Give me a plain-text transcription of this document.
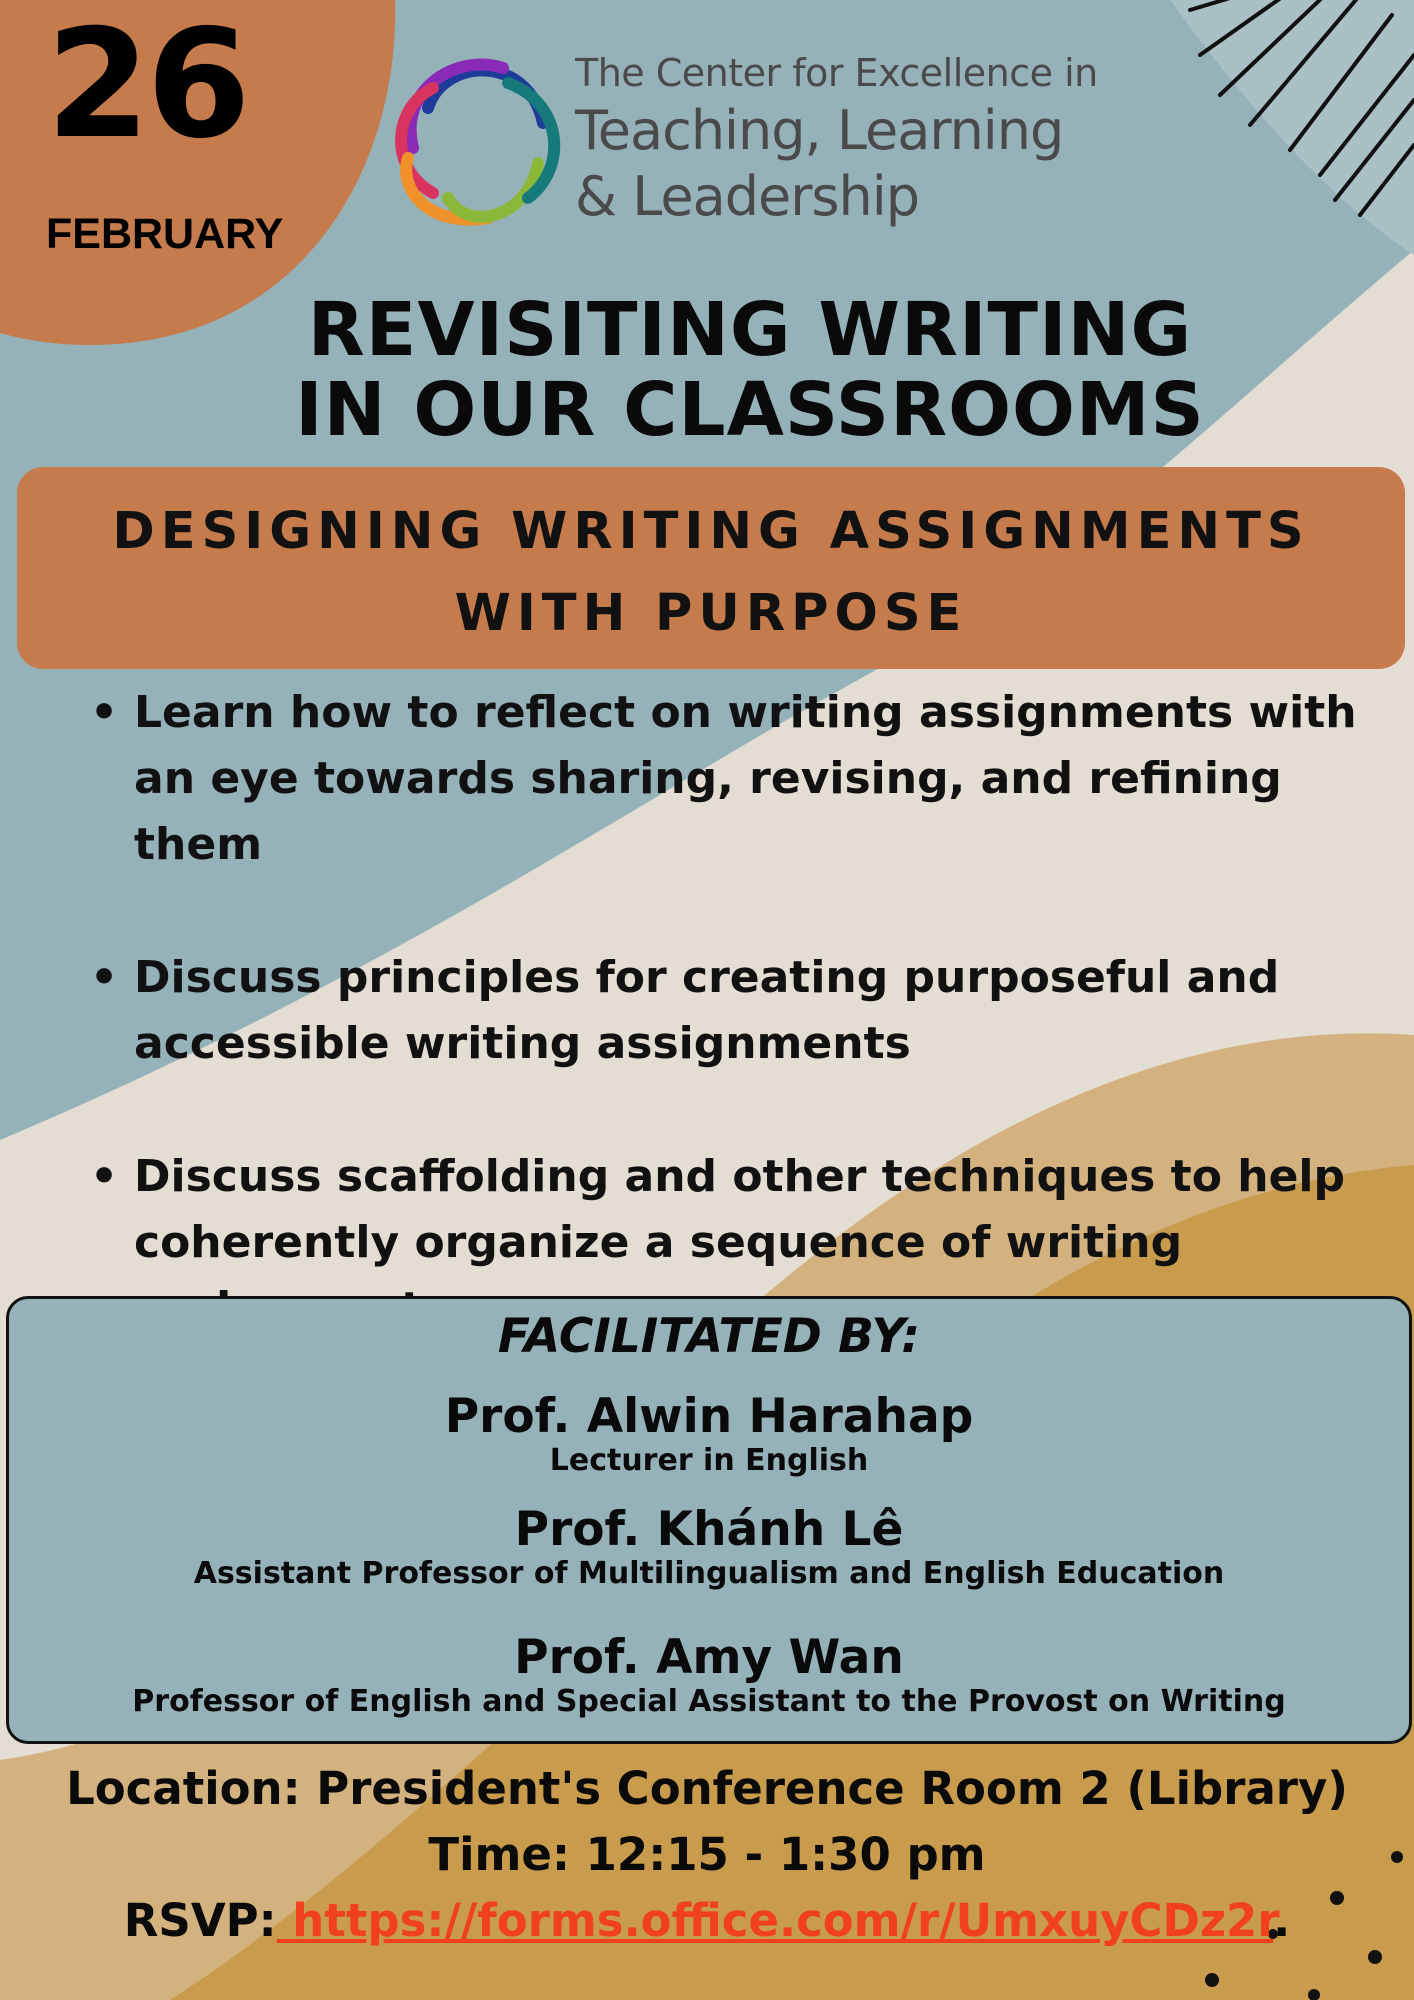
26
FEBRUARY
The Center for Excellence in
Teaching, Learning
& Leadership
REVISITING WRITING
IN OUR CLASSROOMS
DESIGNING WRITING ASSIGNMENTS
WITH PURPOSE
• Learn how to reflect on writing assignments with an eye towards sharing, revising, and refining them
• Discuss principles for creating purposeful and accessible writing assignments
• Discuss scaffolding and other techniques to help coherently organize a sequence of writing
FACILITATED BY:
Prof. Alwin Harahap
Lecturer in English
Prof. Khánh Lê
Assistant Professor of Multilingualism and English Education
Prof. Amy Wan
Professor of English and Special Assistant to the Provost on Writing
Location: President's Conference Room 2 (Library)
Time: 12:15 - 1:30 pm
RSVP: https://forms.office.com/r/UmxuyCDz2r.
